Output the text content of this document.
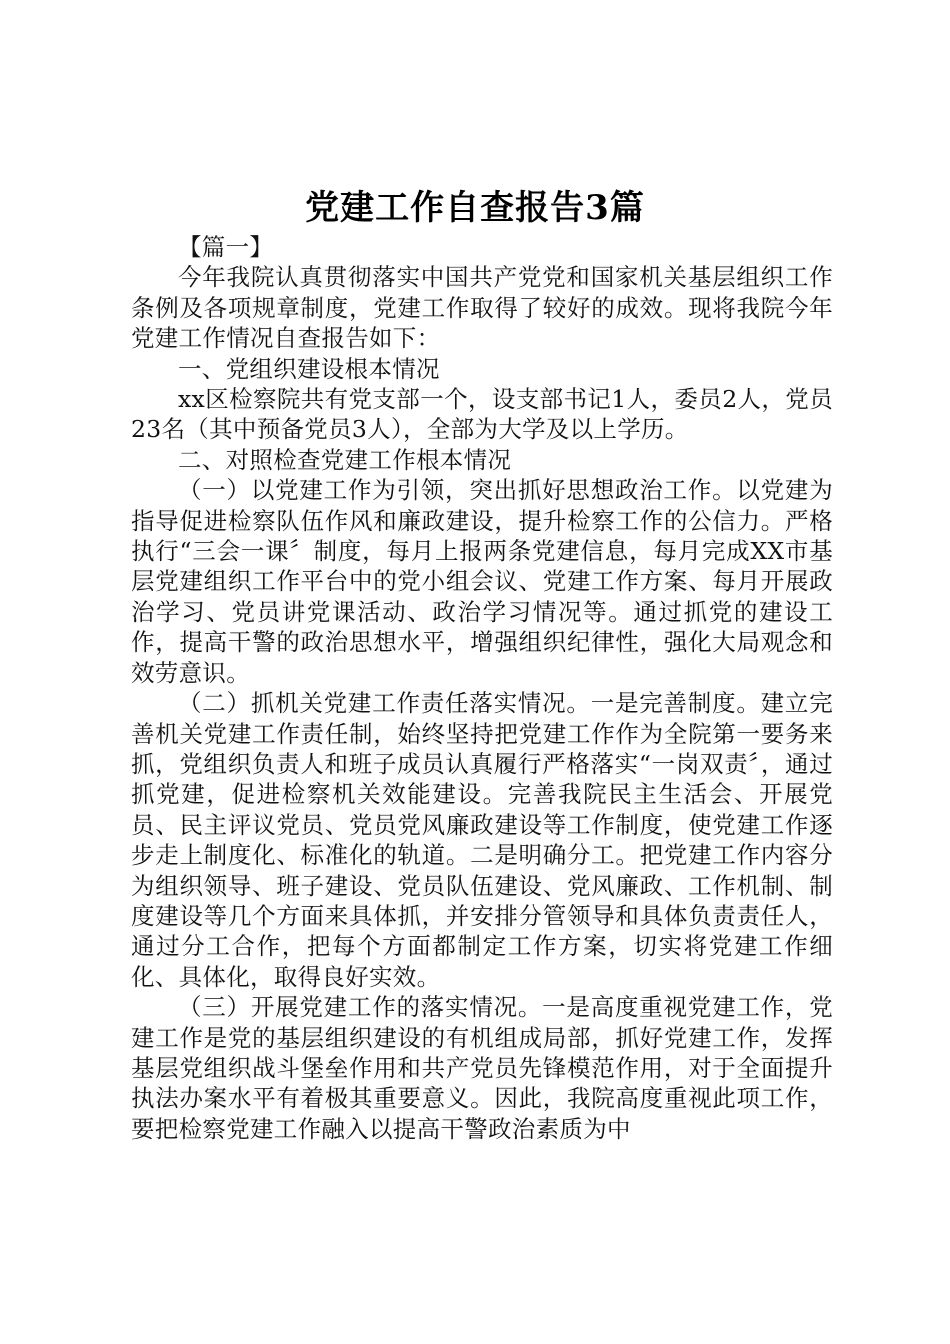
党建工作自查报告3篇

【篇一】

今年我院认真贯彻落实中国共产党党和国家机关基层组织工作条例及各项规章制度，党建工作取得了较好的成效。现将我院今年党建工作情况自查报告如下：

一、党组织建设根本情况

xx区检察院共有党支部一个，设支部书记1人，委员2人，党员23名（其中预备党员3人），全部为大学及以上学历。

二、对照检查党建工作根本情况

（一）以党建工作为引领，突出抓好思想政治工作。以党建为指导促进检察队伍作风和廉政建设，提升检察工作的公信力。严格执行“三会一课〞制度，每月上报两条党建信息，每月完成XX市基层党建组织工作平台中的党小组会议、党建工作方案、每月开展政治学习、党员讲党课活动、政治学习情况等。通过抓党的建设工作，提高干警的政治思想水平，增强组织纪律性，强化大局观念和效劳意识。

（二）抓机关党建工作责任落实情况。一是完善制度。建立完善机关党建工作责任制，始终坚持把党建工作作为全院第一要务来抓，党组织负责人和班子成员认真履行严格落实“一岗双责〞，通过抓党建，促进检察机关效能建设。完善我院民主生活会、开展党员、民主评议党员、党员党风廉政建设等工作制度，使党建工作逐步走上制度化、标准化的轨道。二是明确分工。把党建工作内容分为组织领导、班子建设、党员队伍建设、党风廉政、工作机制、制度建设等几个方面来具体抓，并安排分管领导和具体负责责任人，通过分工合作，把每个方面都制定工作方案，切实将党建工作细化、具体化，取得良好实效。

（三）开展党建工作的落实情况。一是高度重视党建工作，党建工作是党的基层组织建设的有机组成局部，抓好党建工作，发挥基层党组织战斗堡垒作用和共产党员先锋模范作用，对于全面提升执法办案水平有着极其重要意义。因此，我院高度重视此项工作，要把检察党建工作融入以提高干警政治素质为中
